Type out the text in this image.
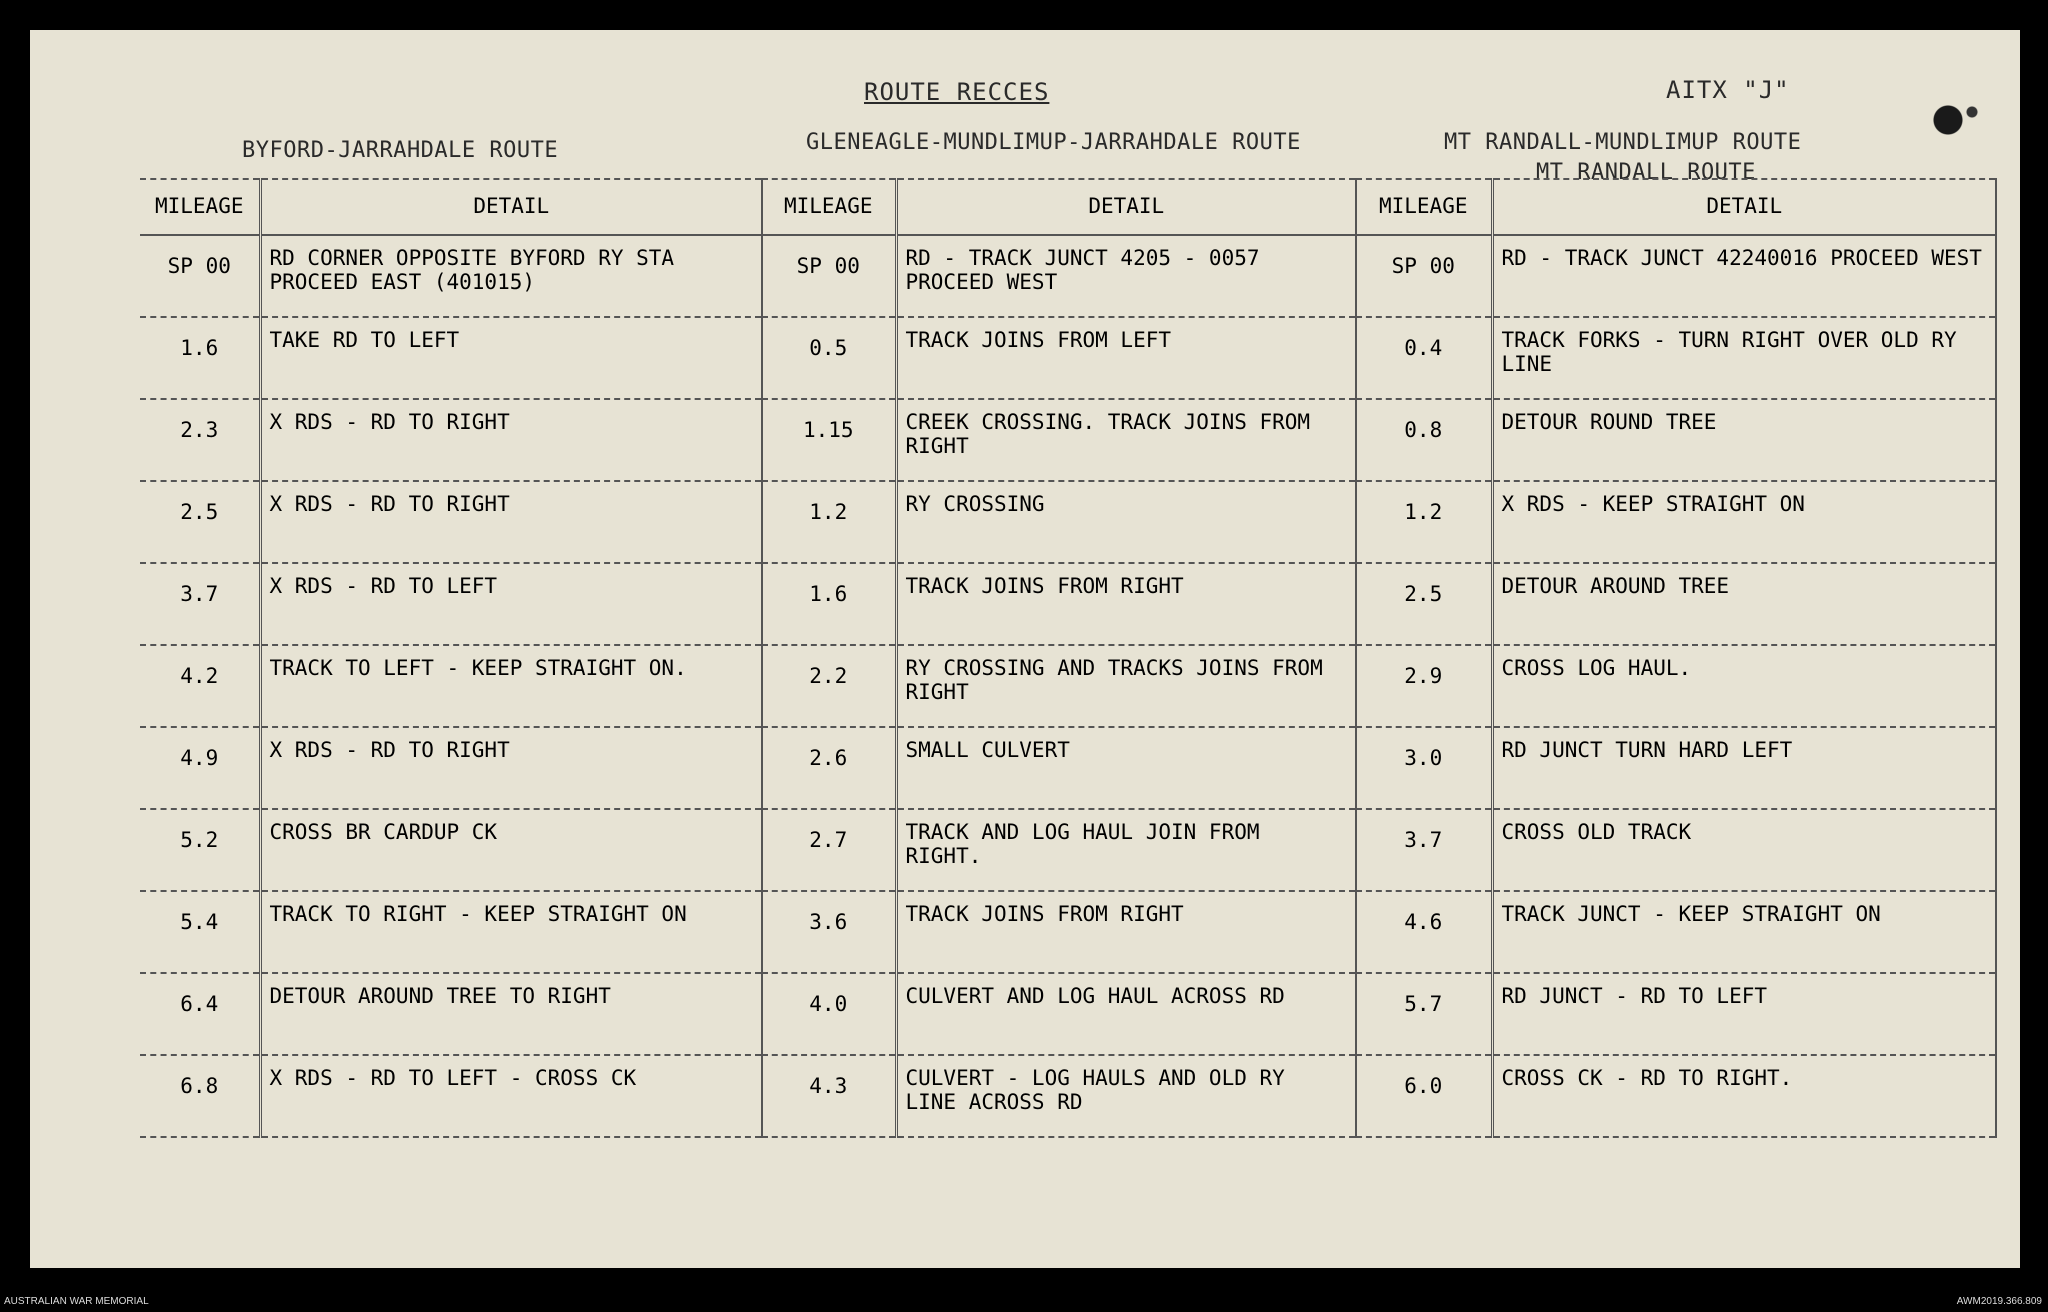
ROUTE RECCES	AITX "J"
BYFORD-JARRAHDALE ROUTE	GLENEAGLE-MUNDLIMUP-JARRAHDALE ROUTE	MT RANDALL-MUNDLIMUP ROUTE
MT RANDALL ROUTE
MILEAGE	DETAIL
SP 00	RD CORNER OPPOSITE BYFORD RY STA PROCEED EAST (401015)
1.6	TAKE RD TO LEFT
2.3	X RDS - RD TO RIGHT
2.5	X RDS - RD TO RIGHT
3.7	X RDS - RD TO LEFT
4.2	TRACK TO LEFT - KEEP STRAIGHT ON.
4.9	X RDS - RD TO RIGHT
5.2	CROSS BR CARDUP CK
5.4	TRACK TO RIGHT - KEEP STRAIGHT ON
6.4	DETOUR AROUND TREE TO RIGHT
6.8	X RDS - RD TO LEFT - CROSS CK
MILEAGE	DETAIL
SP 00	RD - TRACK JUNCT 4205 - 0057 PROCEED WEST
0.5	TRACK JOINS FROM LEFT
1.15	CREEK CROSSING. TRACK JOINS FROM RIGHT
1.2	RY CROSSING
1.6	TRACK JOINS FROM RIGHT
2.2	RY CROSSING AND TRACKS JOINS FROM RIGHT
2.6	SMALL CULVERT
2.7	TRACK AND LOG HAUL JOIN FROM RIGHT.
3.6	TRACK JOINS FROM RIGHT
4.0	CULVERT AND LOG HAUL ACROSS RD
4.3	CULVERT - LOG HAULS AND OLD RY LINE ACROSS RD
MILEAGE	DETAIL
SP 00	RD - TRACK JUNCT 42240016 PROCEED WEST
0.4	TRACK FORKS - TURN RIGHT OVER OLD RY LINE
0.8	DETOUR ROUND TREE
1.2	X RDS - KEEP STRAIGHT ON
2.5	DETOUR AROUND TREE
2.9	CROSS LOG HAUL.
3.0	RD JUNCT TURN HARD LEFT
3.7	CROSS OLD TRACK
4.6	TRACK JUNCT - KEEP STRAIGHT ON
5.7	RD JUNCT - RD TO LEFT
6.0	CROSS CK - RD TO RIGHT.
AUSTRALIAN WAR MEMORIAL	AWM2019.366.809
